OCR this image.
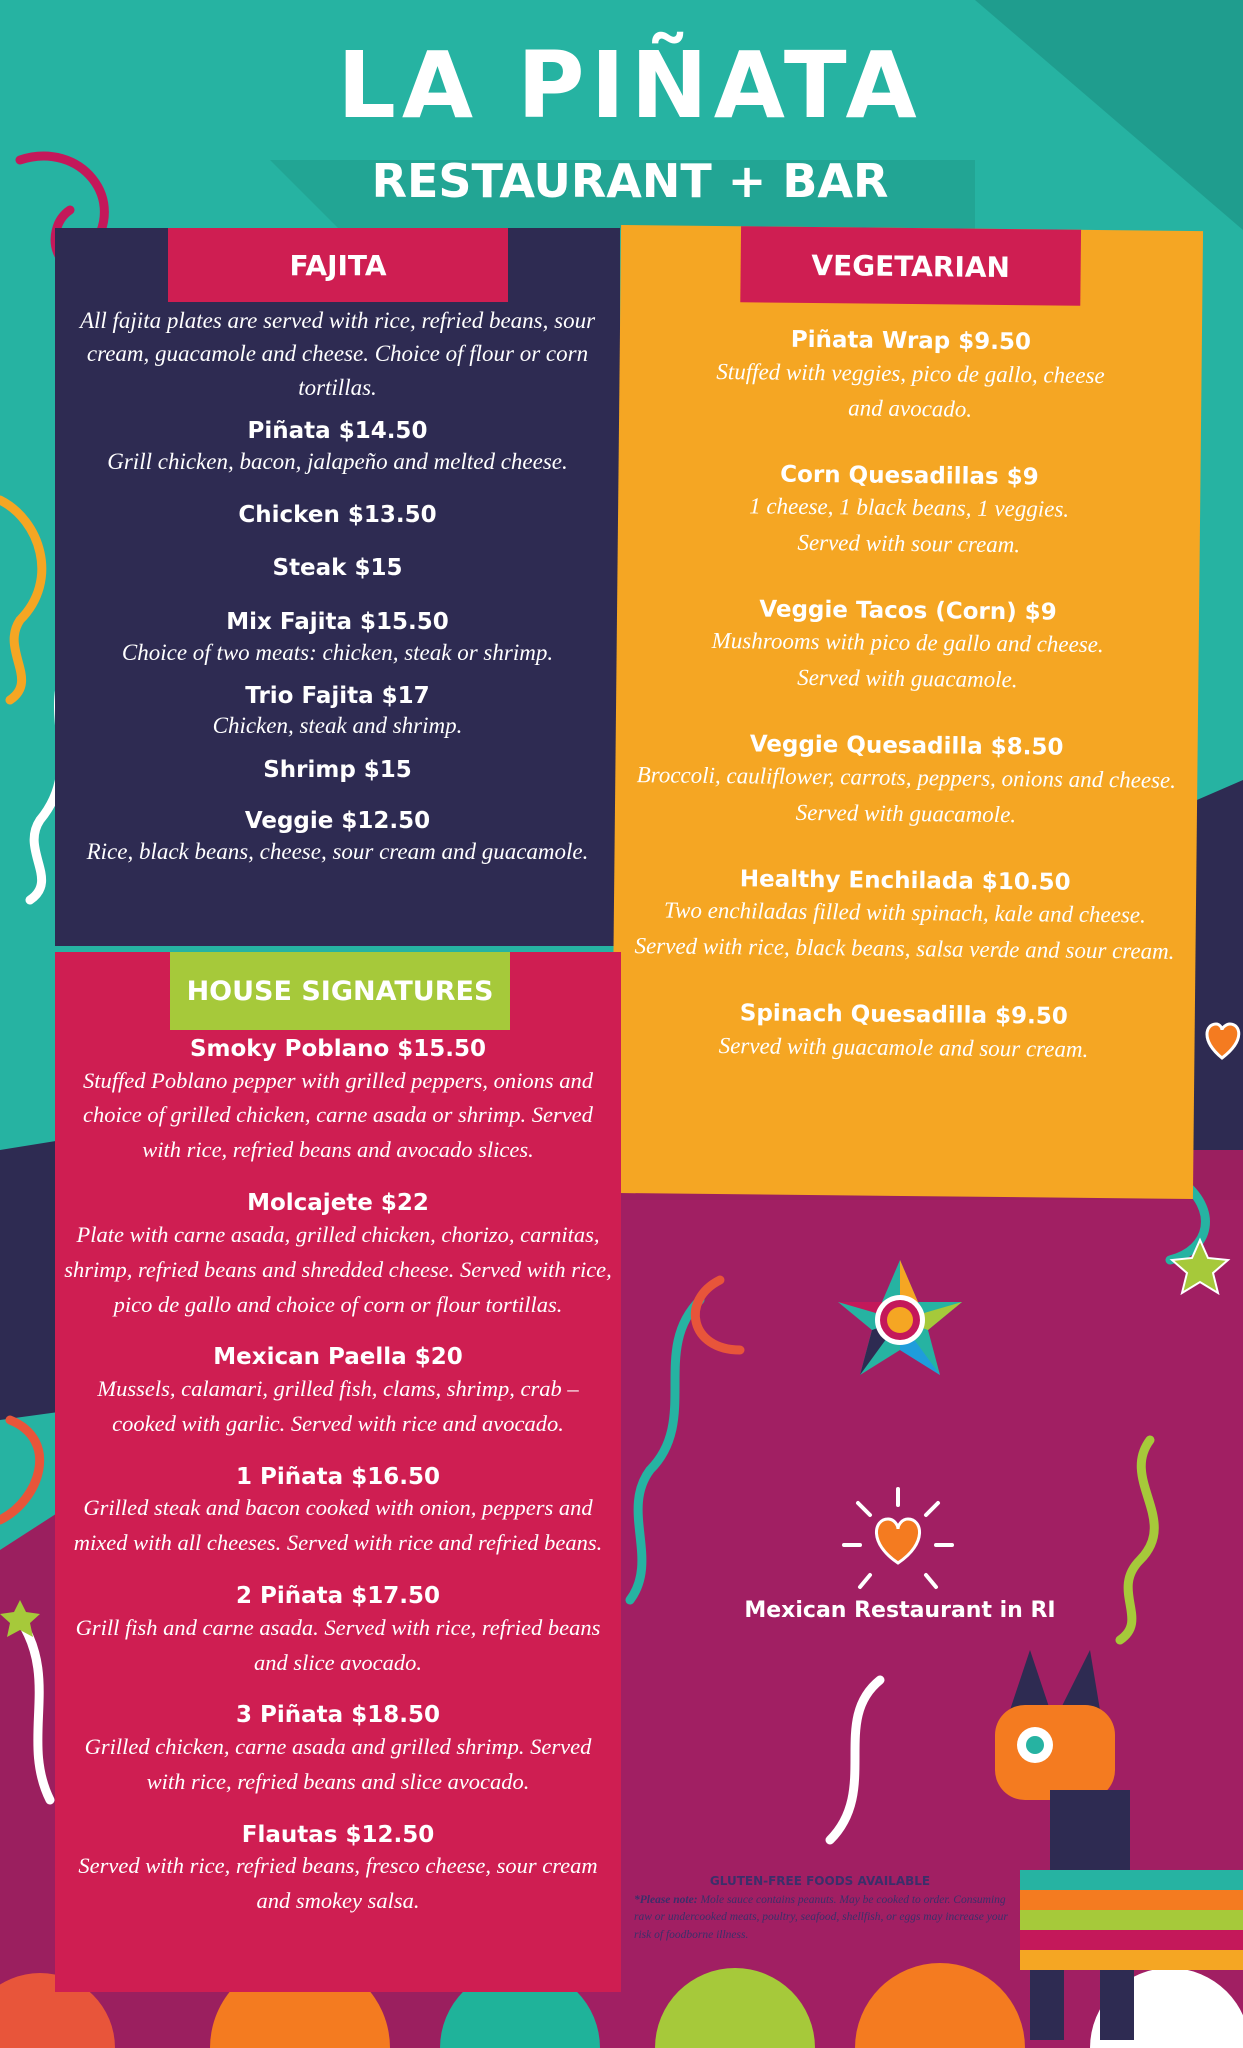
LA PIÑATA
RESTAURANT + BAR
FAJITA
All fajita plates are served with rice, refried beans, sour cream, guacamole and cheese. Choice of flour or corn tortillas.
Piñata $14.50
Grill chicken, bacon, jalapeño and melted cheese.
Chicken $13.50
Steak $15
Mix Fajita $15.50
Choice of two meats: chicken, steak or shrimp.
Trio Fajita $17
Chicken, steak and shrimp.
Shrimp $15
Veggie $12.50
Rice, black beans, cheese, sour cream and guacamole.
VEGETARIAN
Piñata Wrap $9.50
Stuffed with veggies, pico de gallo, cheese and avocado.
Corn Quesadillas $9
1 cheese, 1 black beans, 1 veggies. Served with sour cream.
Veggie Tacos (Corn) $9
Mushrooms with pico de gallo and cheese. Served with guacamole.
Veggie Quesadilla $8.50
Broccoli, cauliflower, carrots, peppers, onions and cheese. Served with guacamole.
Healthy Enchilada $10.50
Two enchiladas filled with spinach, kale and cheese. Served with rice, black beans, salsa verde and sour cream.
Spinach Quesadilla $9.50
Served with guacamole and sour cream.
HOUSE SIGNATURES
Smoky Poblano $15.50
Stuffed Poblano pepper with grilled peppers, onions and choice of grilled chicken, carne asada or shrimp. Served with rice, refried beans and avocado slices.
Molcajete $22
Plate with carne asada, grilled chicken, chorizo, carnitas, shrimp, refried beans and shredded cheese. Served with rice, pico de gallo and choice of corn or flour tortillas.
Mexican Paella $20
Mussels, calamari, grilled fish, clams, shrimp, crab – cooked with garlic. Served with rice and avocado.
1 Piñata $16.50
Grilled steak and bacon cooked with onion, peppers and mixed with all cheeses. Served with rice and refried beans.
2 Piñata $17.50
Grill fish and carne asada. Served with rice, refried beans and slice avocado.
3 Piñata $18.50
Grilled chicken, carne asada and grilled shrimp. Served with rice, refried beans and slice avocado.
Flautas $12.50
Served with rice, refried beans, fresco cheese, sour cream and smokey salsa.
Mexican Restaurant in RI
GLUTEN-FREE FOODS AVAILABLE
*Please note: Mole sauce contains peanuts. May be cooked to order. Consuming raw or undercooked meats, poultry, seafood, shellfish, or eggs may increase your risk of foodborne illness.
